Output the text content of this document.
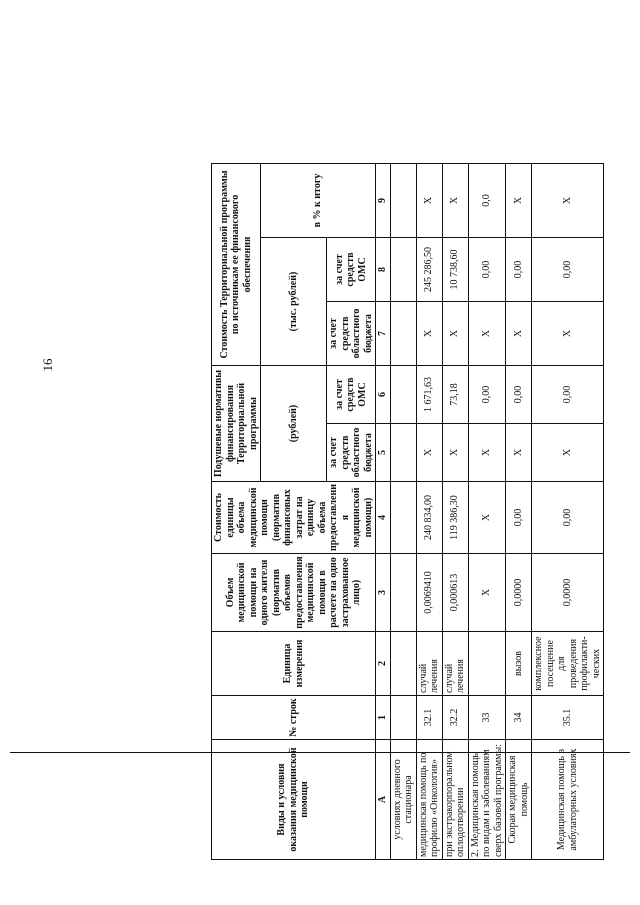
16
Виды и условия оказания медицинской помощи	№ строк	Единица измерения	Объем медицинской помощи на одного жителя (норматив объемов предоставления медицинской помощи в расчете на одно застрахованное лицо)	Стоимость единицы объема медицинской помощи (норматив финансовых затрат на единицу объема предоставления медицинской помощи)	Подушевые нормативы финансирования Территориальной программы		Стоимость Территориальной программы по источникам ее финансового обеспечения		
					(рублей)		(тыс. рублей)		в % к итогу
					за счет средств областного бюджета	за счет средств ОМС	за счет средств областного бюджета	за счет средств ОМС	
А	1	2	3	4	5	6	7	8	9
условиях дневного стационара									
медицинская помощь по профилю «Онкология»	32.1	случай лечения	0,0069410	240 834,00	Х	1 671,63	Х	245 286,50	Х
при экстракорпоральном оплодотворении	32.2	случай лечения	0,000613	119 386,30	Х	73,18	Х	10 738,60	Х
2. Медицинская помощь по видам и заболеваниям сверх базовой программы:	33		Х	Х	Х	0,00	Х	0,00	0,0
Скорая медицинская помощь	34	вызов	0,0000	0,00	Х	0,00	Х	0,00	Х
Медицинская помощь в амбулаторных условиях	35.1	комплексное посещение для проведения профилакти-ческих	0,0000	0,00	Х	0,00	Х	0,00	Х
